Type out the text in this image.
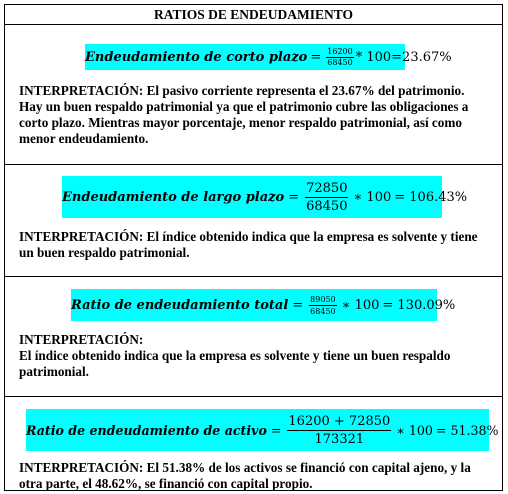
RATIOS DE ENDEUDAMIENTO
Endeudamiento de corto plazo = $\frac{16200}{68450} * 100 =23.67\%$
INTERPRETACIÓN: El pasivo corriente representa el 23.67% del patrimonio. Hay un buen respaldo patrimonial ya que el patrimonio cubre las obligaciones a corto plazo. Mientras mayor porcentaje, menor respaldo patrimonial, así como menor endeudamiento.
Endeudamiento de largo plazo = $\frac{72850}{68450}$ ∗ 100 = 106.43%
INTERPRETACIÓN: El índice obtenido indica que la empresa es solvente y tiene un buen respaldo patrimonial.
Ratio de endeudamiento total = $\frac{89050}{68450}$ ∗ 100 = 130.09%
INTERPRETACIÓN:
El índice obtenido indica que la empresa es solvente y tiene un buen respaldo patrimonial.
Ratio de endeudamiento de activo = $\frac{16200 + 72850}{173321}$ ∗ 100 = 51.38%
INTERPRETACIÓN: El 51.38% de los activos se financió con capital ajeno, y la otra parte, el 48.62%, se financió con capital propio.
